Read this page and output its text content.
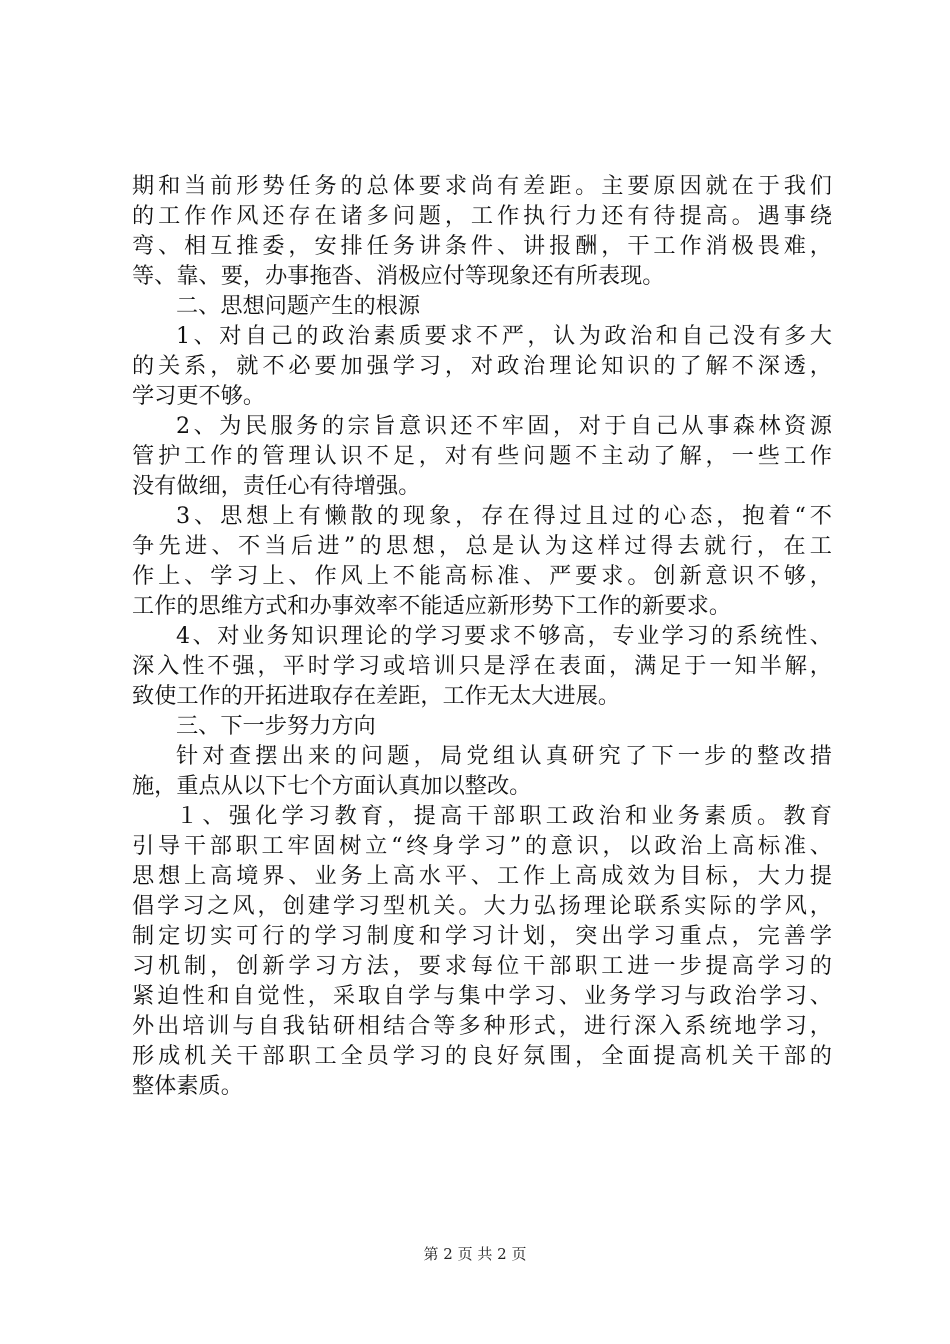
期和当前形势任务的总体要求尚有差距。主要原因就在于我们
的工作作风还存在诸多问题，工作执行力还有待提高。遇事绕
弯、相互推委，安排任务讲条件、讲报酬，干工作消极畏难，
等、靠、要，办事拖沓、消极应付等现象还有所表现。
二、思想问题产生的根源
1、对自己的政治素质要求不严，认为政治和自己没有多大
的关系，就不必要加强学习，对政治理论知识的了解不深透，
学习更不够。
2、为民服务的宗旨意识还不牢固，对于自己从事森林资源
管护工作的管理认识不足，对有些问题不主动了解，一些工作
没有做细，责任心有待增强。
3、思想上有懒散的现象，存在得过且过的心态，抱着“不
争先进、不当后进”的思想，总是认为这样过得去就行，在工
作上、学习上、作风上不能高标准、严要求。创新意识不够，
工作的思维方式和办事效率不能适应新形势下工作的新要求。
4、对业务知识理论的学习要求不够高，专业学习的系统性、
深入性不强，平时学习或培训只是浮在表面，满足于一知半解，
致使工作的开拓进取存在差距，工作无太大进展。
三、下一步努力方向
针对查摆出来的问题，局党组认真研究了下一步的整改措
施，重点从以下七个方面认真加以整改。
１、强化学习教育，提高干部职工政治和业务素质。教育
引导干部职工牢固树立“终身学习”的意识，以政治上高标准、
思想上高境界、业务上高水平、工作上高成效为目标，大力提
倡学习之风，创建学习型机关。大力弘扬理论联系实际的学风，
制定切实可行的学习制度和学习计划，突出学习重点，完善学
习机制，创新学习方法，要求每位干部职工进一步提高学习的
紧迫性和自觉性，采取自学与集中学习、业务学习与政治学习、
外出培训与自我钻研相结合等多种形式，进行深入系统地学习，
形成机关干部职工全员学习的良好氛围，全面提高机关干部的
整体素质。
第 2 页 共 2 页
